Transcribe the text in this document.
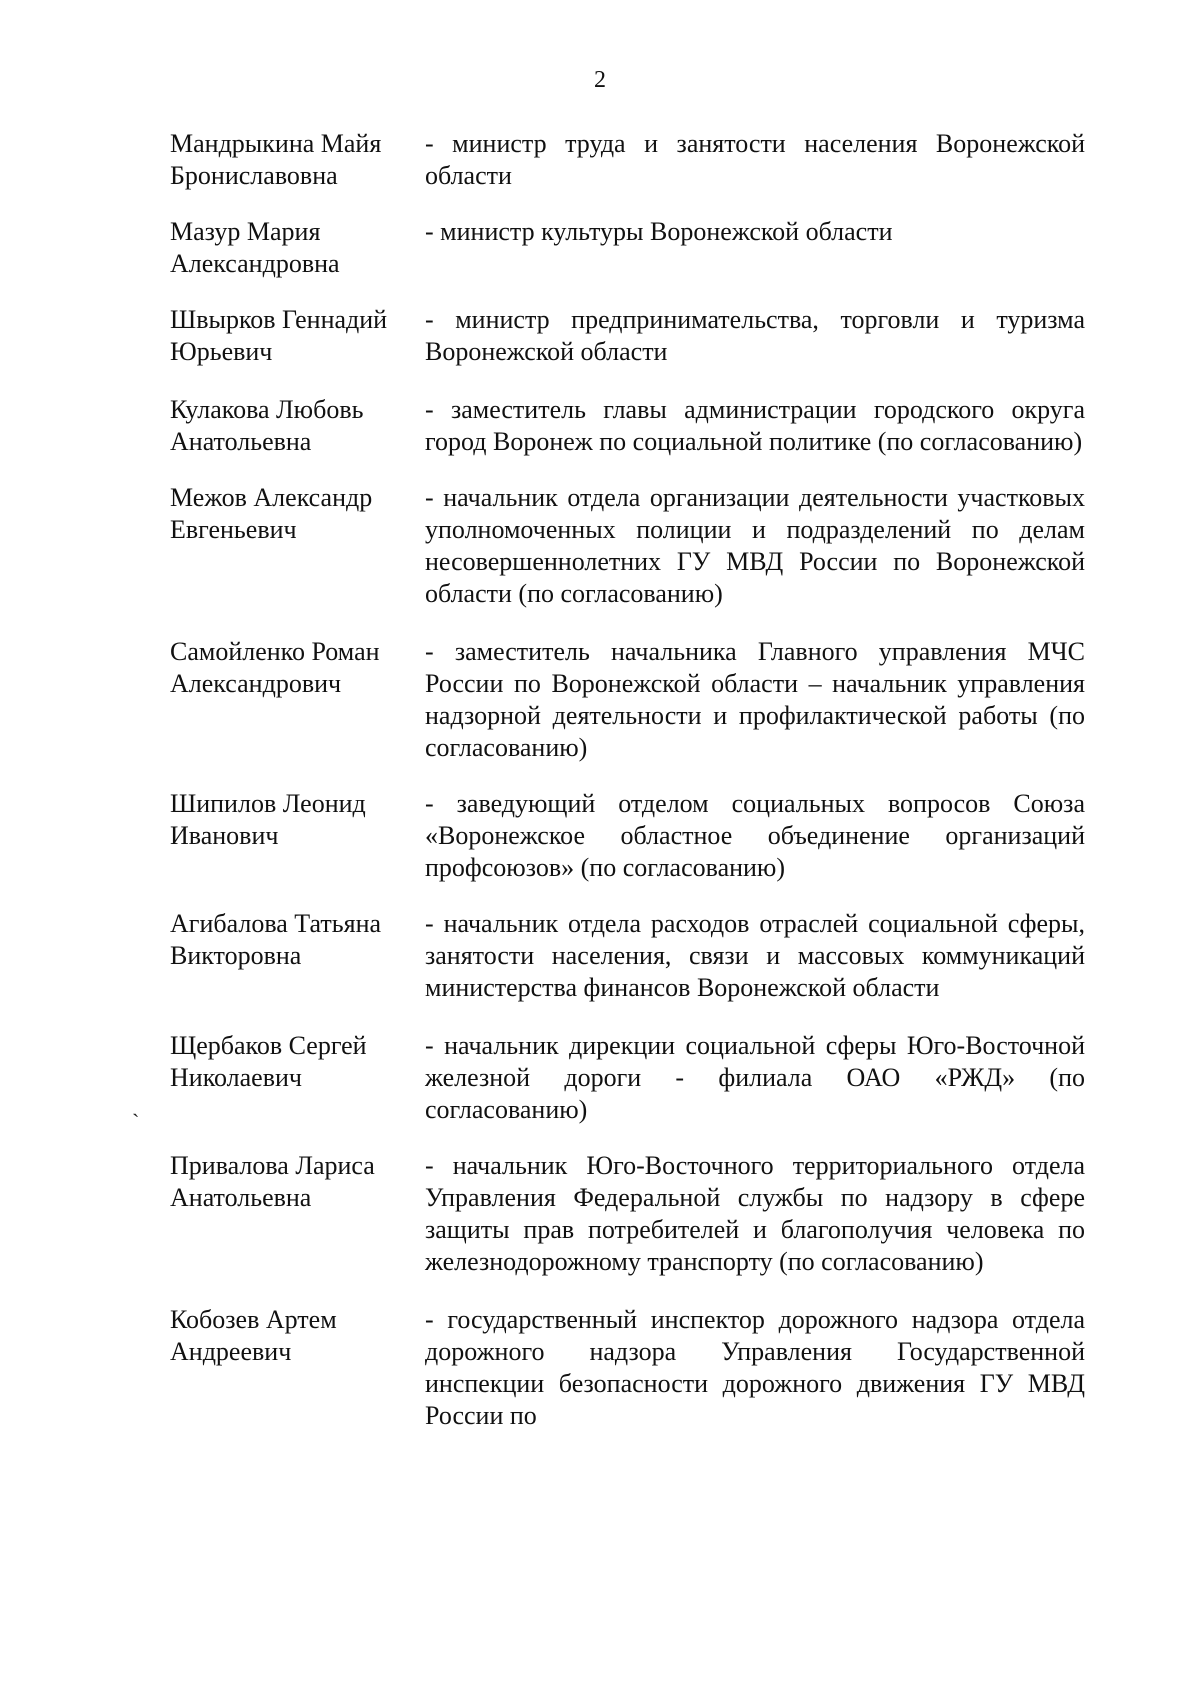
2
Мандрыкина Майя
Брониславовна
- министр труда и занятости населения Воронежской области
Мазур Мария
Александровна
- министр культуры Воронежской области
Швырков Геннадий
Юрьевич
- министр предпринимательства, торговли и туризма Воронежской области
Кулакова Любовь
Анатольевна
- заместитель главы администрации городского округа город Воронеж по социальной политике (по согласованию)
Межов Александр
Евгеньевич
- начальник отдела организации деятельности участковых уполномоченных полиции и подразделений по делам несовершеннолетних ГУ МВД России по Воронежской области (по согласованию)
Самойленко Роман
Александрович
- заместитель начальника Главного управления МЧС России по Воронежской области – начальник управления надзорной деятельности и профилактической работы (по согласованию)
Шипилов Леонид
Иванович
- заведующий отделом социальных вопросов Союза «Воронежское областное объединение организаций профсоюзов» (по согласованию)
Агибалова Татьяна
Викторовна
- начальник отдела расходов отраслей социальной сферы, занятости населения, связи и массовых коммуникаций министерства финансов Воронежской области
Щербаков Сергей
Николаевич
- начальник дирекции социальной сферы Юго-Восточной железной дороги - филиала ОАО «РЖД» (по согласованию)
Привалова Лариса
Анатольевна
- начальник Юго-Восточного территориального отдела Управления Федеральной службы по надзору в сфере защиты прав потребителей и благополучия человека по железнодорожному транспорту (по согласованию)
Кобозев Артем
Андреевич
- государственный инспектор дорожного надзора отдела дорожного надзора Управления Государственной инспекции безопасности дорожного движения ГУ МВД России по
ˏ
